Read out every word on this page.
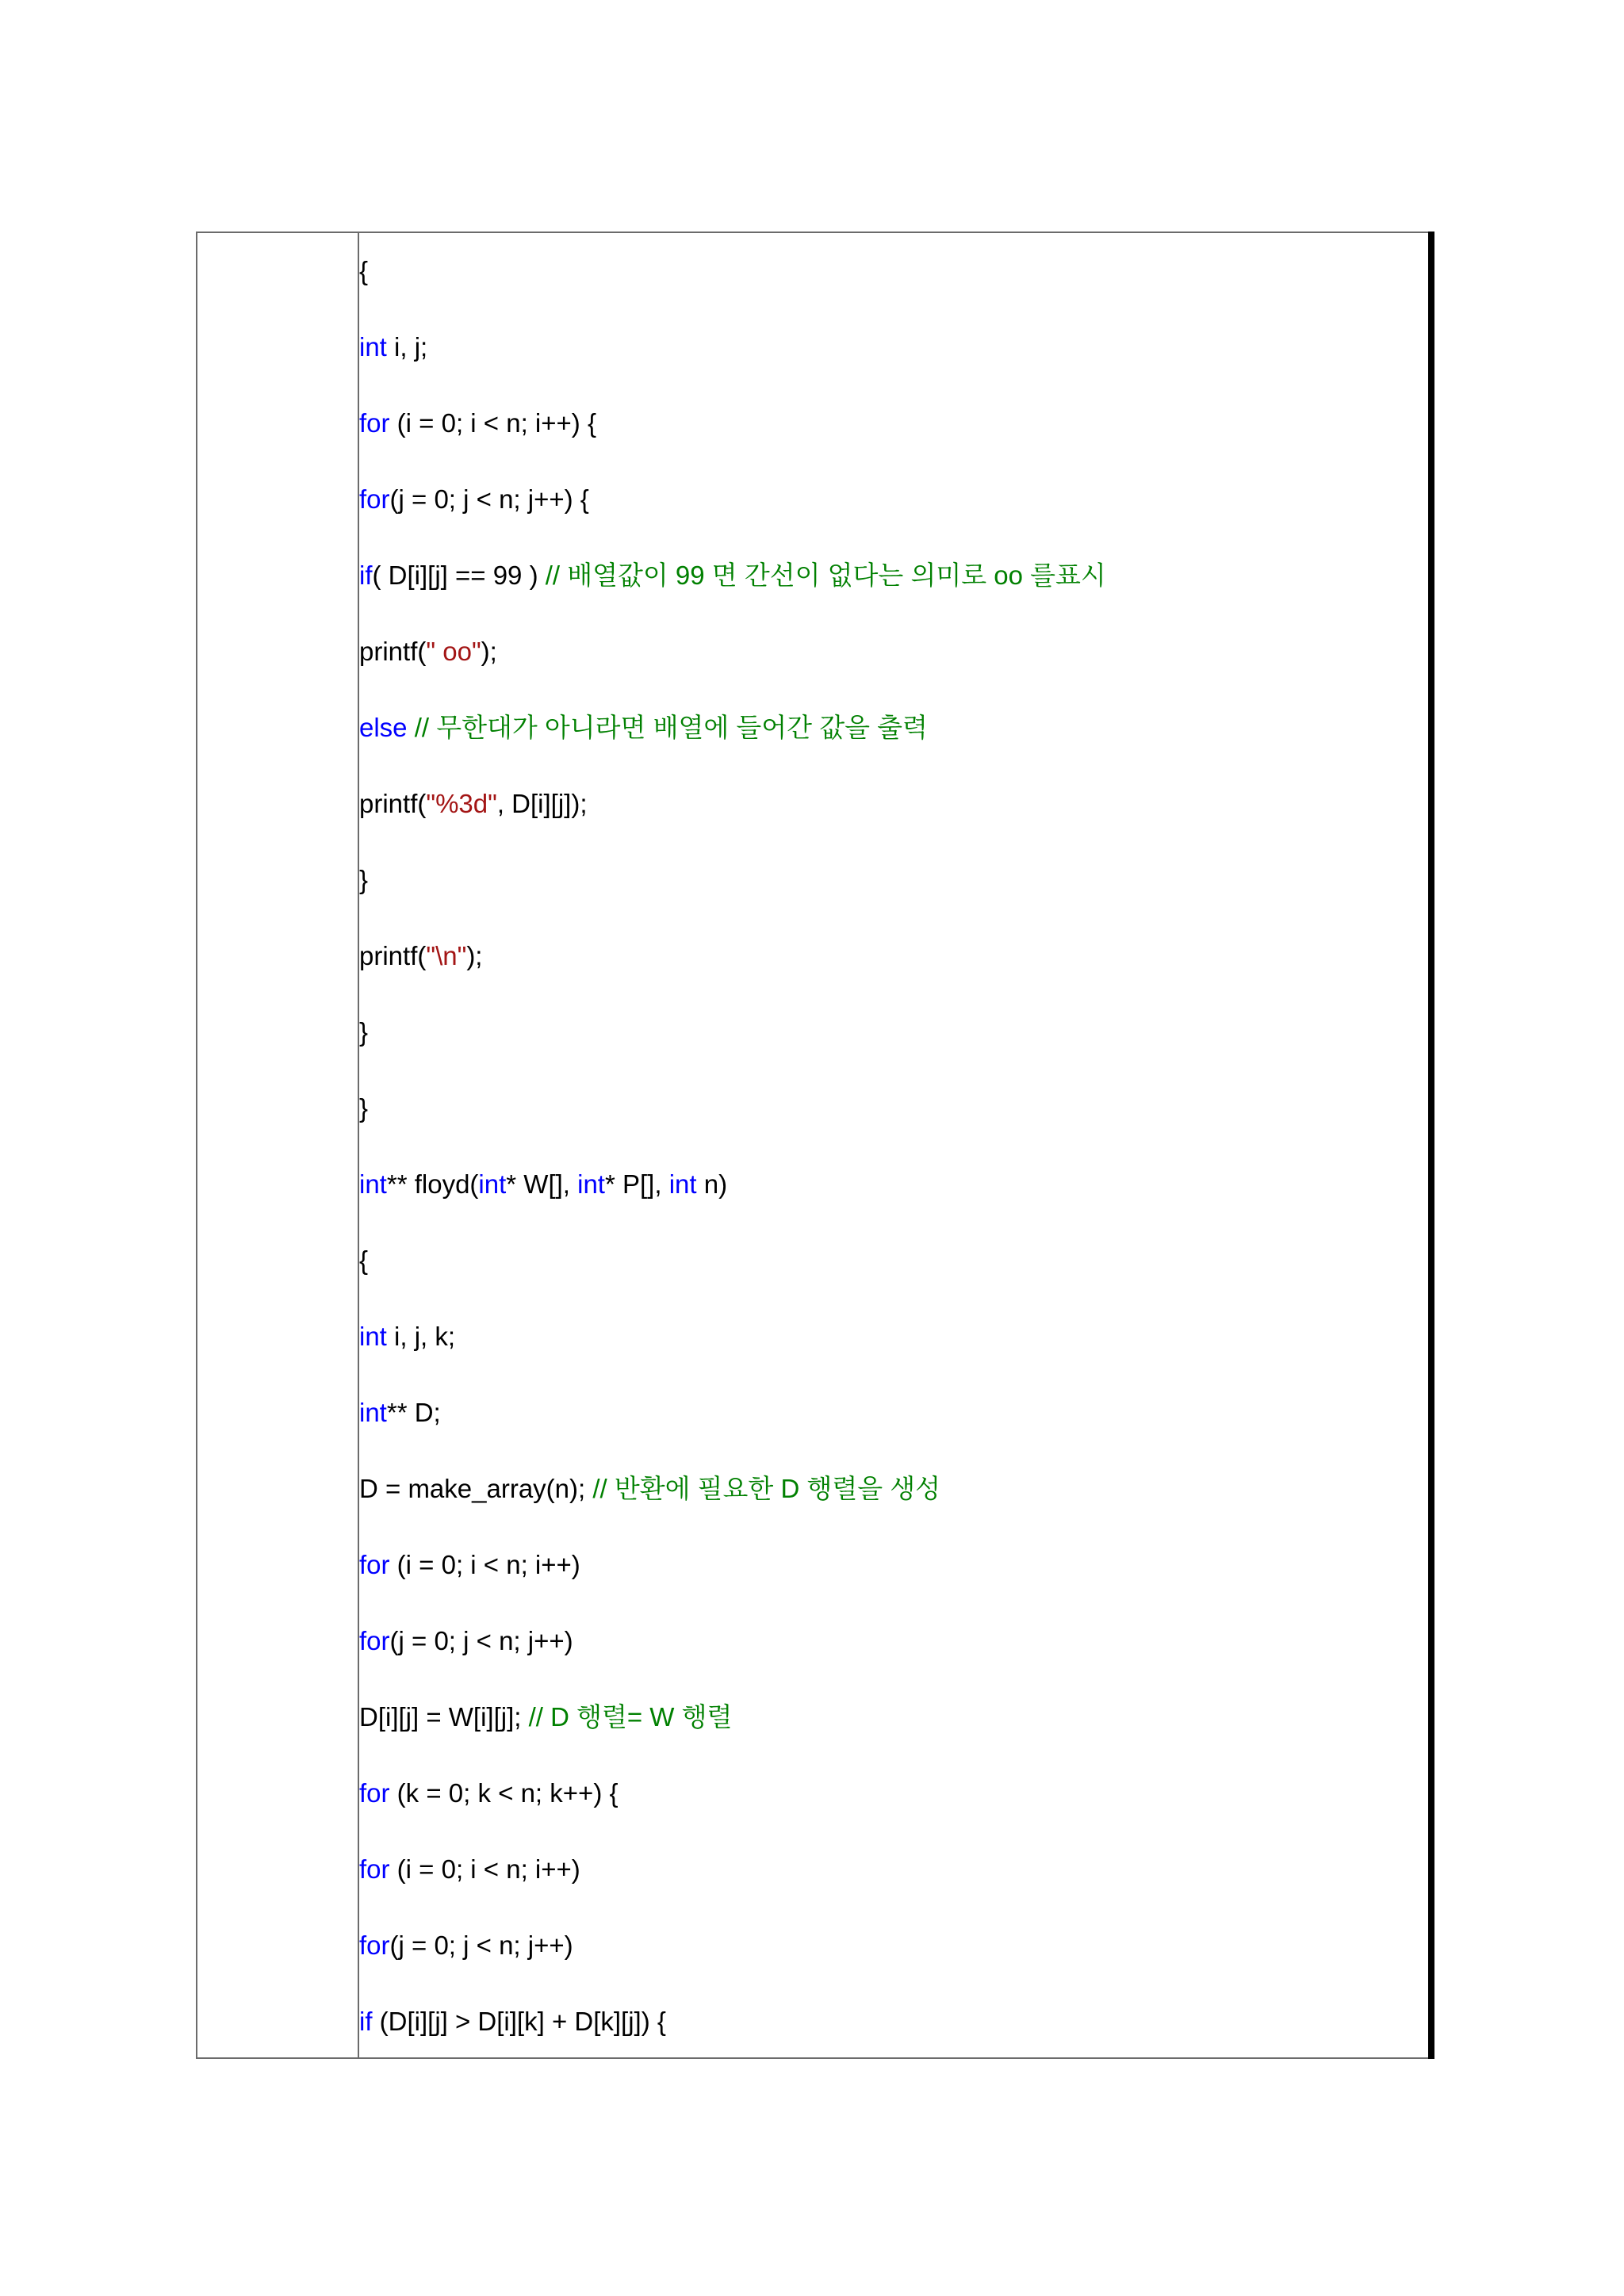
{
int i, j;
for (i = 0; i < n; i++) {
for(j = 0; j < n; j++) {
if( D[i][j] == 99 ) // 배열값이 99 면 간선이 없다는 의미로 oo 를표시
printf(" oo");
else // 무한대가 아니라면 배열에 들어간 값을 출력
printf("%3d", D[i][j]);
}
printf("\n");
}
}
int** floyd(int* W[], int* P[], int n)
{
int i, j, k;
int** D;
D = make_array(n); // 반환에 필요한 D 행렬을 생성
for (i = 0; i < n; i++)
for(j = 0; j < n; j++)
D[i][j] = W[i][j]; // D 행렬= W 행렬
for (k = 0; k < n; k++) {
for (i = 0; i < n; i++)
for(j = 0; j < n; j++)
if (D[i][j] > D[i][k] + D[k][j]) {
